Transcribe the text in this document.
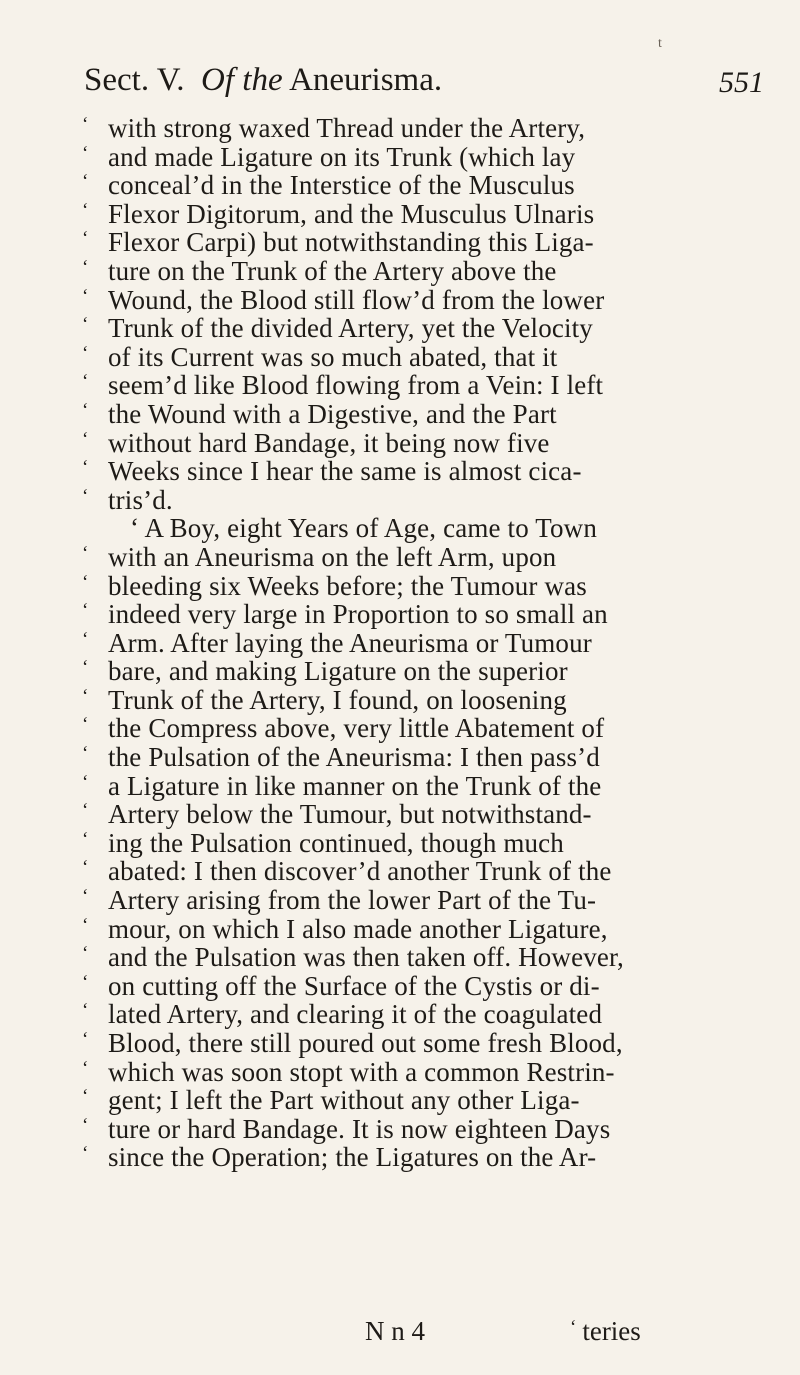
t
Sect. V. Of the Aneurisma.	551
‘ with strong waxed Thread under the Artery,
‘ and made Ligature on its Trunk (which lay
‘ conceal’d in the Interstice of the Musculus
‘ Flexor Digitorum, and the Musculus Ulnaris
‘ Flexor Carpi) but notwithstanding this Liga-
‘ ture on the Trunk of the Artery above the
‘ Wound, the Blood still flow’d from the lower
‘ Trunk of the divided Artery, yet the Velocity
‘ of its Current was so much abated, that it
‘ seem’d like Blood flowing from a Vein: I left
‘ the Wound with a Digestive, and the Part
‘ without hard Bandage, it being now five
‘ Weeks since I hear the same is almost cica-
‘ tris’d.
‘ A Boy, eight Years of Age, came to Town
‘ with an Aneurisma on the left Arm, upon
‘ bleeding six Weeks before; the Tumour was
‘ indeed very large in Proportion to so small an
‘ Arm. After laying the Aneurisma or Tumour
‘ bare, and making Ligature on the superior
‘ Trunk of the Artery, I found, on loosening
‘ the Compress above, very little Abatement of
‘ the Pulsation of the Aneurisma: I then pass’d
‘ a Ligature in like manner on the Trunk of the
‘ Artery below the Tumour, but notwithstand-
‘ ing the Pulsation continued, though much
‘ abated: I then discover’d another Trunk of the
‘ Artery arising from the lower Part of the Tu-
‘ mour, on which I also made another Ligature,
‘ and the Pulsation was then taken off. However,
‘ on cutting off the Surface of the Cystis or di-
‘ lated Artery, and clearing it of the coagulated
‘ Blood, there still poured out some fresh Blood,
‘ which was soon stopt with a common Restrin-
‘ gent; I left the Part without any other Liga-
‘ ture or hard Bandage. It is now eighteen Days
‘ since the Operation; the Ligatures on the Ar-
N n 4	‘ teries
